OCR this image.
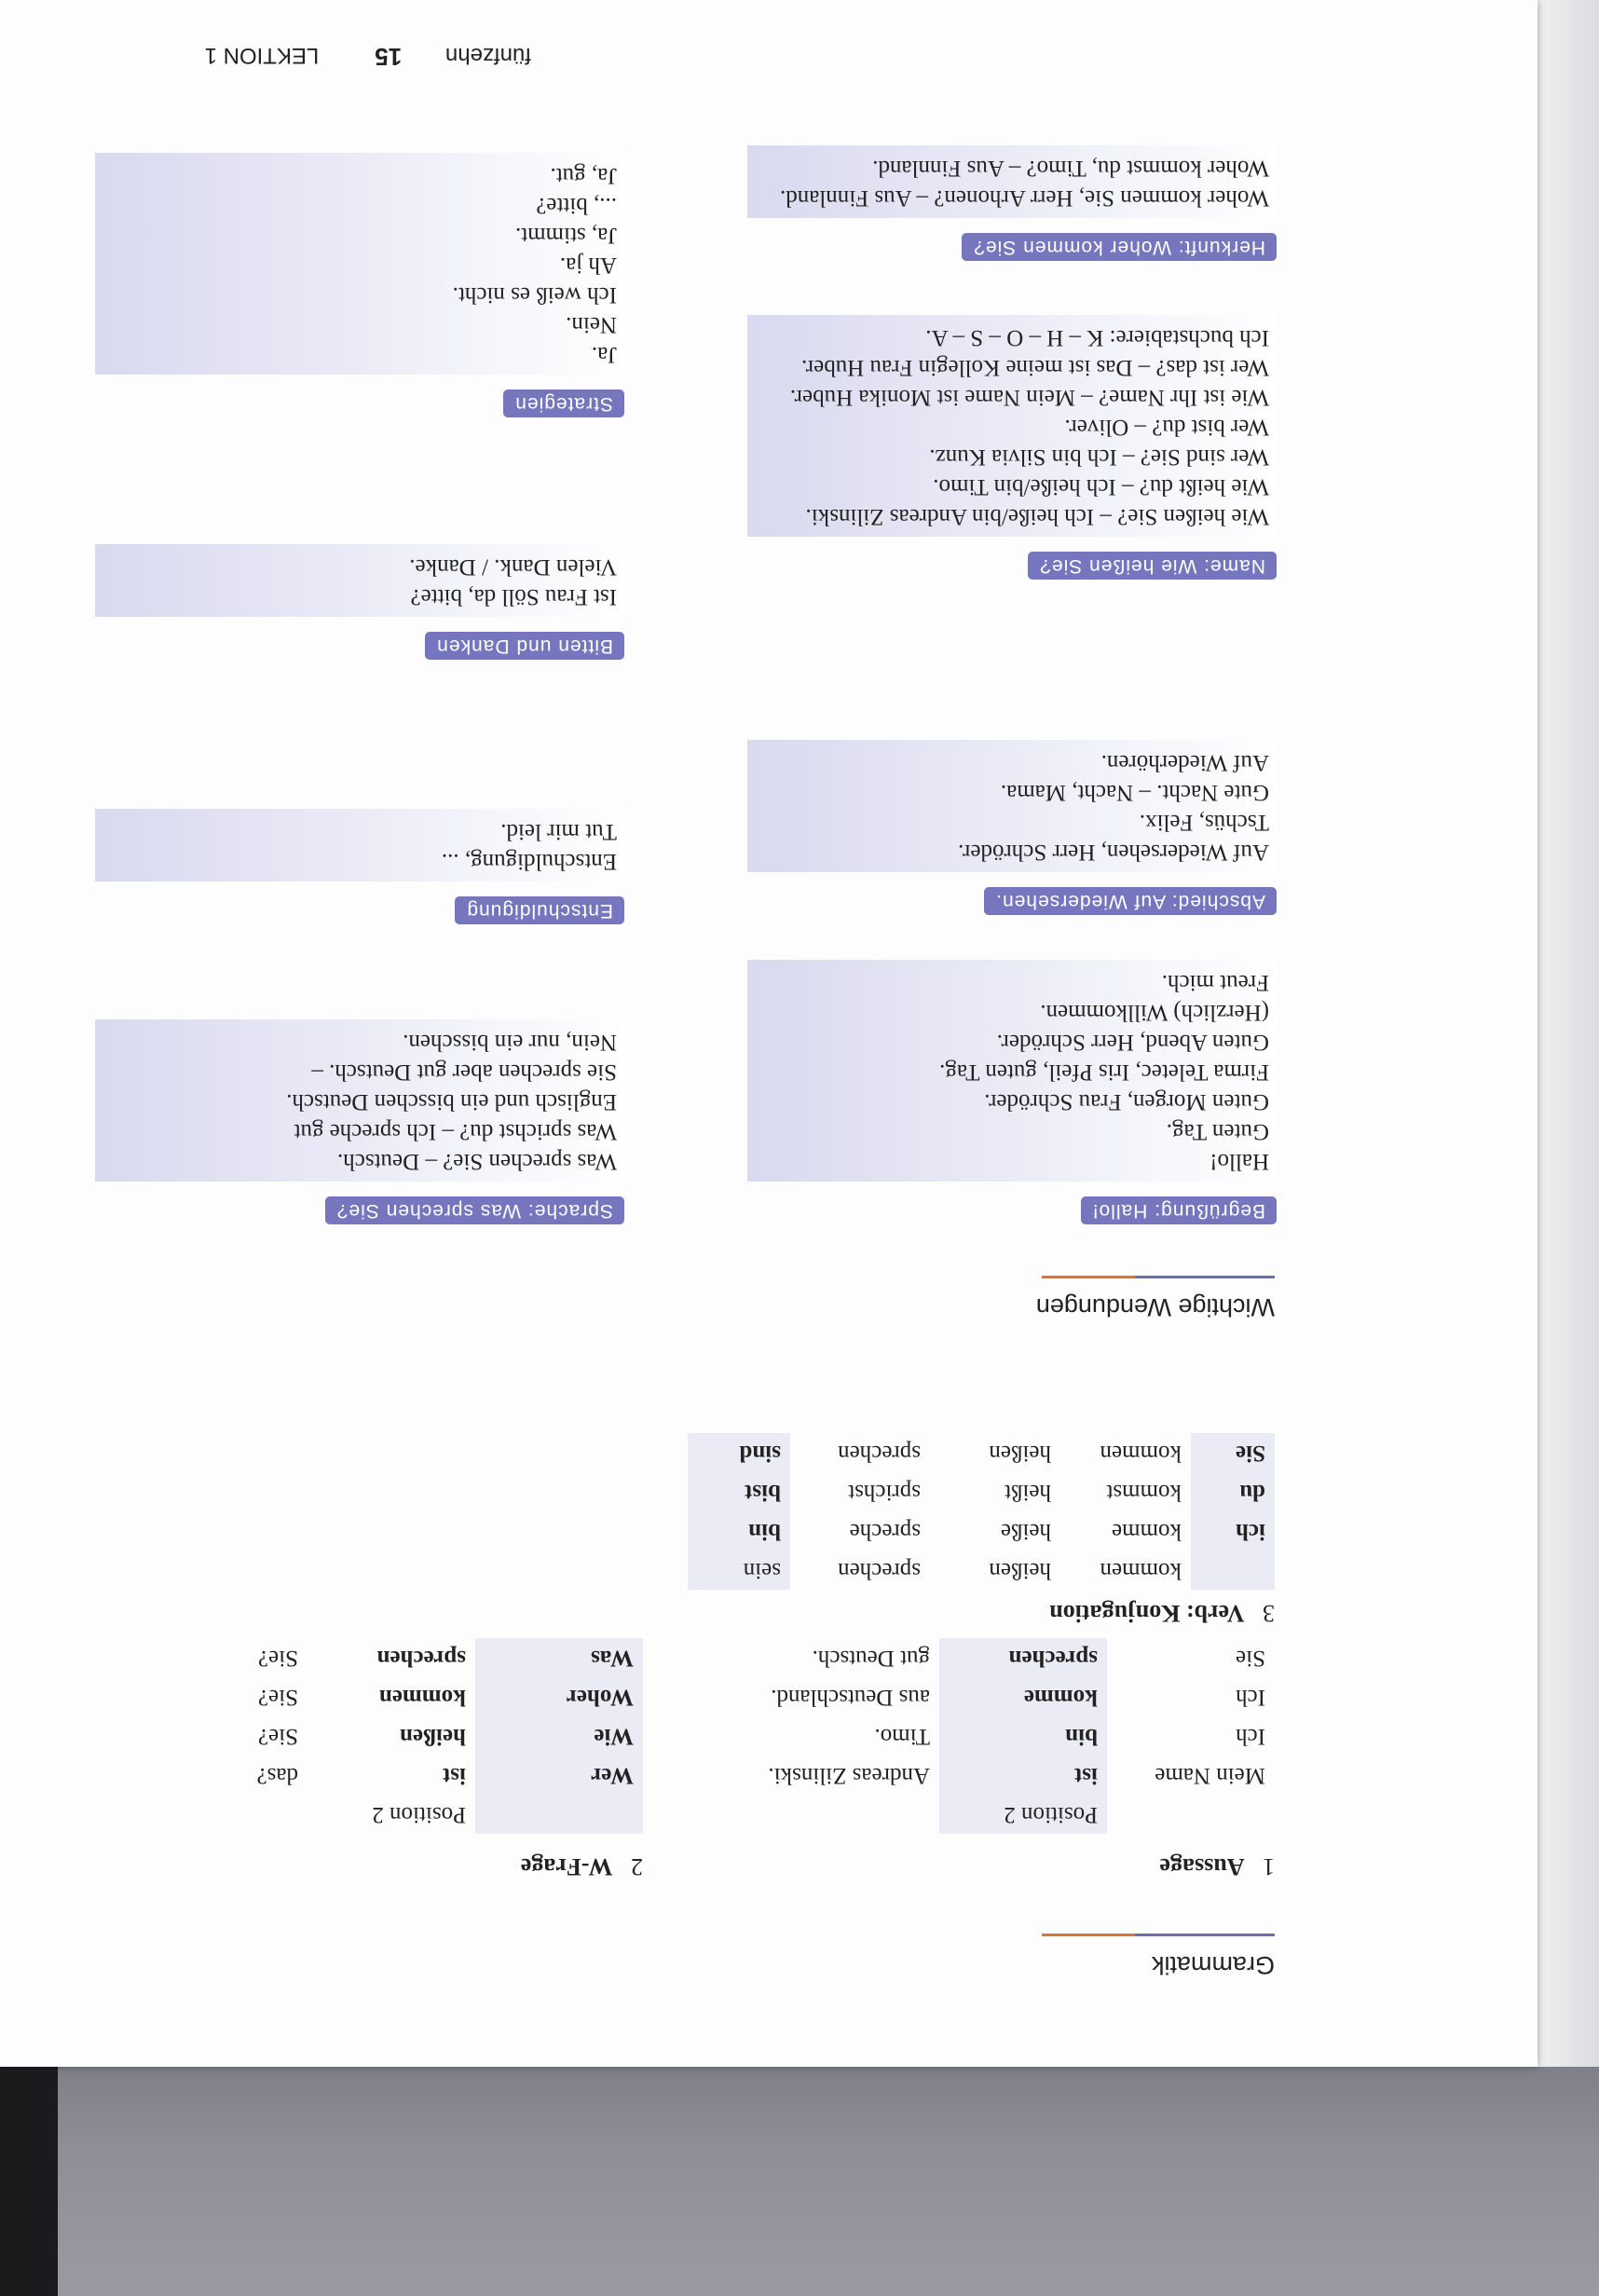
Grammatik
1   Aussage
2   W-Frage
	Position 2	
Mein Name	ist	Andreas Zilinski.
Ich	bin	Timo.
Ich	komme	aus Deutschland.
Sie	sprechen	gut Deutsch.
	Position 2	
Wer	ist	das?
Wie	heißen	Sie?
Woher	kommen	Sie?
Was	sprechen	Sie?
3   Verb: Konjugation
	kommen	heißen	sprechen	sein
ich	komme	heiße	spreche	bin
du	kommst	heißt	sprichst	bist
Sie	kommen	heißen	sprechen	sind
Wichtige Wendungen
Begrüßung: Hallo!
Hallo!
Guten Tag.
Guten Morgen, Frau Schröder.
Firma Teletec, Iris Pfeil, guten Tag.
Guten Abend, Herr Schröder.
(Herzlich) Willkommen.
Freut mich.
Abschied: Auf Wiedersehen.
Auf Wiedersehen, Herr Schröder.
Tschüs, Felix.
Gute Nacht. – Nacht, Mama.
Auf Wiederhören.
Name: Wie heißen Sie?
Wie heißen Sie? – Ich heiße/bin Andreas Zilinski.
Wie heißt du? – Ich heiße/bin Timo.
Wer sind Sie? – Ich bin Silvia Kunz.
Wer bist du? – Oliver.
Wie ist Ihr Name? – Mein Name ist Monika Huber.
Wer ist das? – Das ist meine Kollegin Frau Huber.
Ich buchstabiere: K – H – O – S – A.
Herkunft: Woher kommen Sie?
Woher kommen Sie, Herr Arhonen? – Aus Finnland.
Woher kommst du, Timo? – Aus Finnland.
Sprache: Was sprechen Sie?
Was sprechen Sie? – Deutsch.
Was sprichst du? – Ich spreche gut
Englisch und ein bisschen Deutsch.
Sie sprechen aber gut Deutsch. –
Nein, nur ein bisschen.
Entschuldigung
Entschuldigung, ...
Tut mir leid.
Bitten und Danken
Ist Frau Söll da, bitte?
Vielen Dank. / Danke.
Strategien
Ja.
Nein.
Ich weiß es nicht.
Ah ja.
Ja, stimmt.
..., bitte?
Ja, gut.
fünfzehn       15         LEKTION 1
